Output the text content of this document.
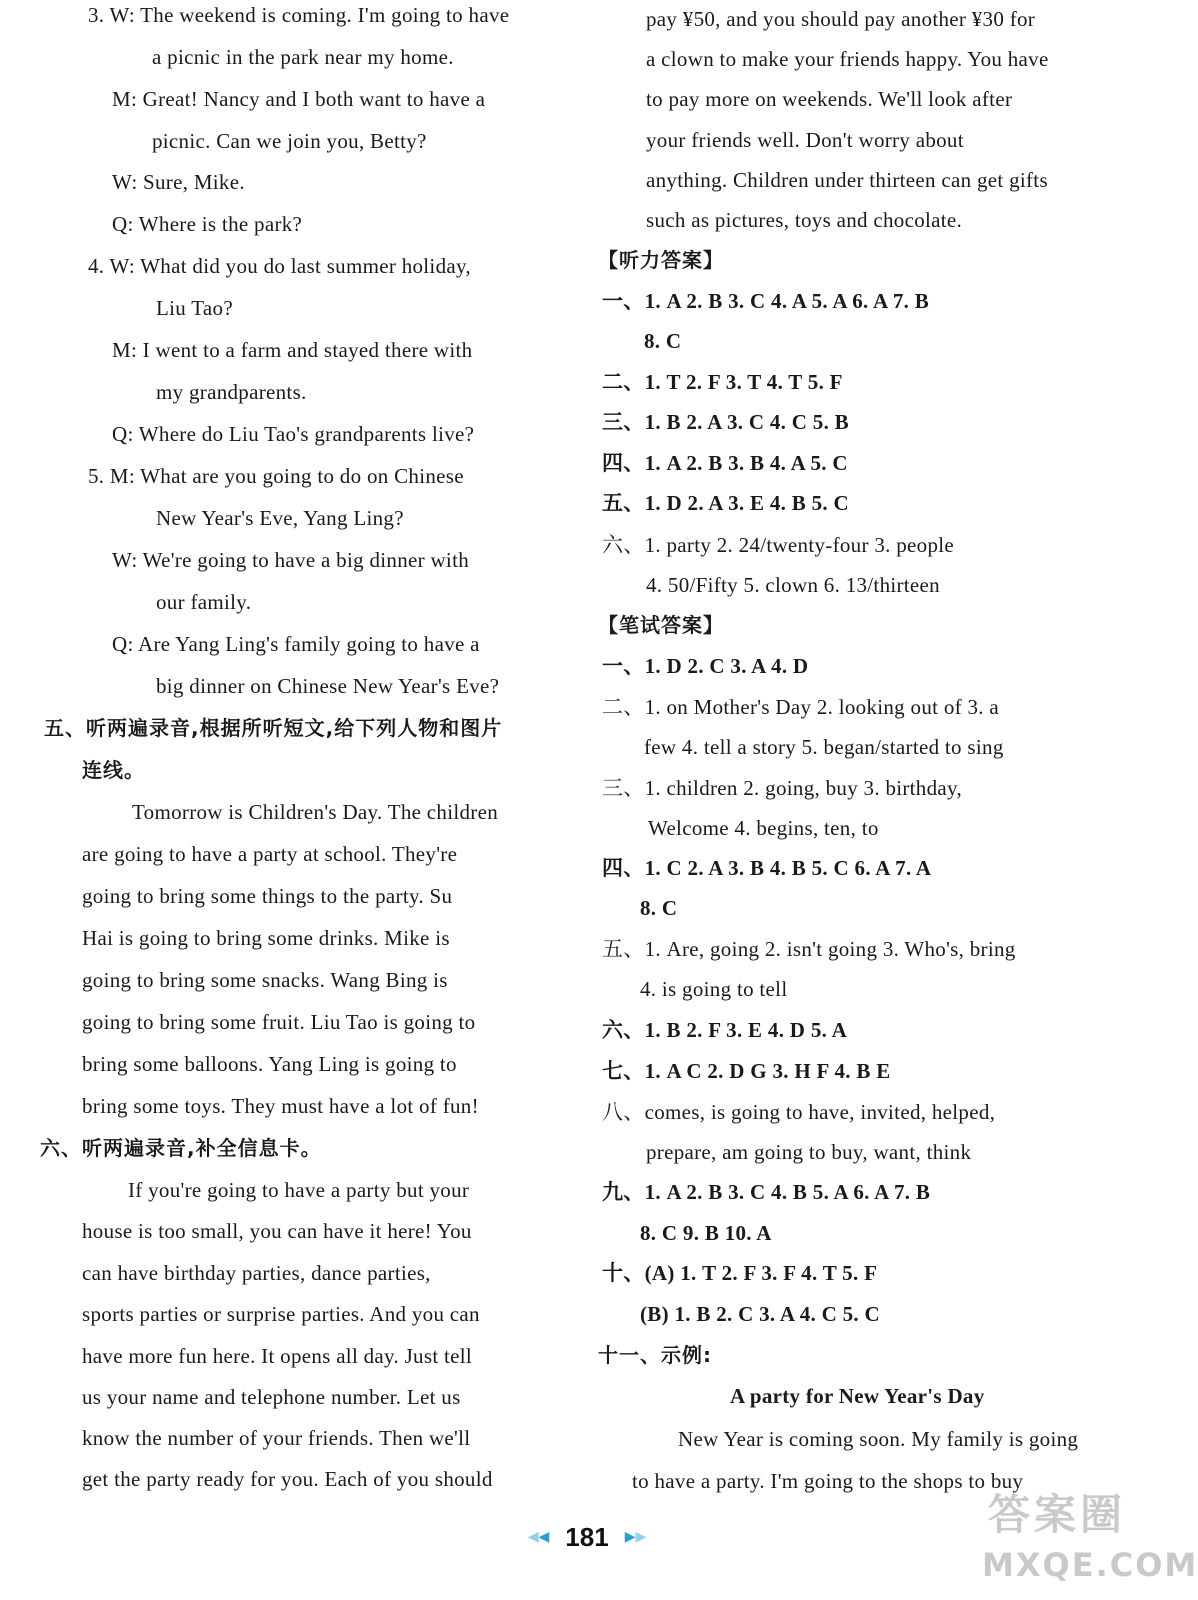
3. W: The weekend is coming. I'm going to have
a picnic in the park near my home.
M: Great! Nancy and I both want to have a
picnic. Can we join you, Betty?
W: Sure, Mike.
Q: Where is the park?
4. W: What did you do last summer holiday,
Liu Tao?
M: I went to a farm and stayed there with
my grandparents.
Q: Where do Liu Tao's grandparents live?
5. M: What are you going to do on Chinese
New Year's Eve, Yang Ling?
W: We're going to have a big dinner with
our family.
Q: Are Yang Ling's family going to have a
big dinner on Chinese New Year's Eve?
五、听两遍录音,根据所听短文,给下列人物和图片
连线。
Tomorrow is Children's Day. The children
are going to have a party at school. They're
going to bring some things to the party. Su
Hai is going to bring some drinks. Mike is
going to bring some snacks. Wang Bing is
going to bring some fruit. Liu Tao is going to
bring some balloons. Yang Ling is going to
bring some toys. They must have a lot of fun!
六、听两遍录音,补全信息卡。
If you're going to have a party but your
house is too small, you can have it here! You
can have birthday parties, dance parties,
sports parties or surprise parties. And you can
have more fun here. It opens all day. Just tell
us your name and telephone number. Let us
know the number of your friends. Then we'll
get the party ready for you. Each of you should
pay ¥50, and you should pay another ¥30 for
a clown to make your friends happy. You have
to pay more on weekends. We'll look after
your friends well. Don't worry about
anything. Children under thirteen can get gifts
such as pictures, toys and chocolate.
【听力答案】
一、1. A 2. B 3. C 4. A 5. A 6. A 7. B
8. C
二、1. T 2. F 3. T 4. T 5. F
三、1. B 2. A 3. C 4. C 5. B
四、1. A 2. B 3. B 4. A 5. C
五、1. D 2. A 3. E 4. B 5. C
六、1. party 2. 24/twenty-four 3. people
4. 50/Fifty 5. clown 6. 13/thirteen
【笔试答案】
一、1. D 2. C 3. A 4. D
二、1. on Mother's Day 2. looking out of 3. a
few 4. tell a story 5. began/started to sing
三、1. children 2. going, buy 3. birthday,
Welcome 4. begins, ten, to
四、1. C 2. A 3. B 4. B 5. C 6. A 7. A
8. C
五、1. Are, going 2. isn't going 3. Who's, bring
4. is going to tell
六、1. B 2. F 3. E 4. D 5. A
七、1. A C 2. D G 3. H F 4. B E
八、comes, is going to have, invited, helped,
prepare, am going to buy, want, think
九、1. A 2. B 3. C 4. B 5. A 6. A 7. B
8. C 9. B 10. A
十、(A) 1. T 2. F 3. F 4. T 5. F
(B) 1. B 2. C 3. A 4. C 5. C
十一、示例:
A party for New Year's Day
New Year is coming soon. My family is going
to have a party. I'm going to the shops to buy
◀◀ 181 ▶▶	答案圈
MXQE.COM
